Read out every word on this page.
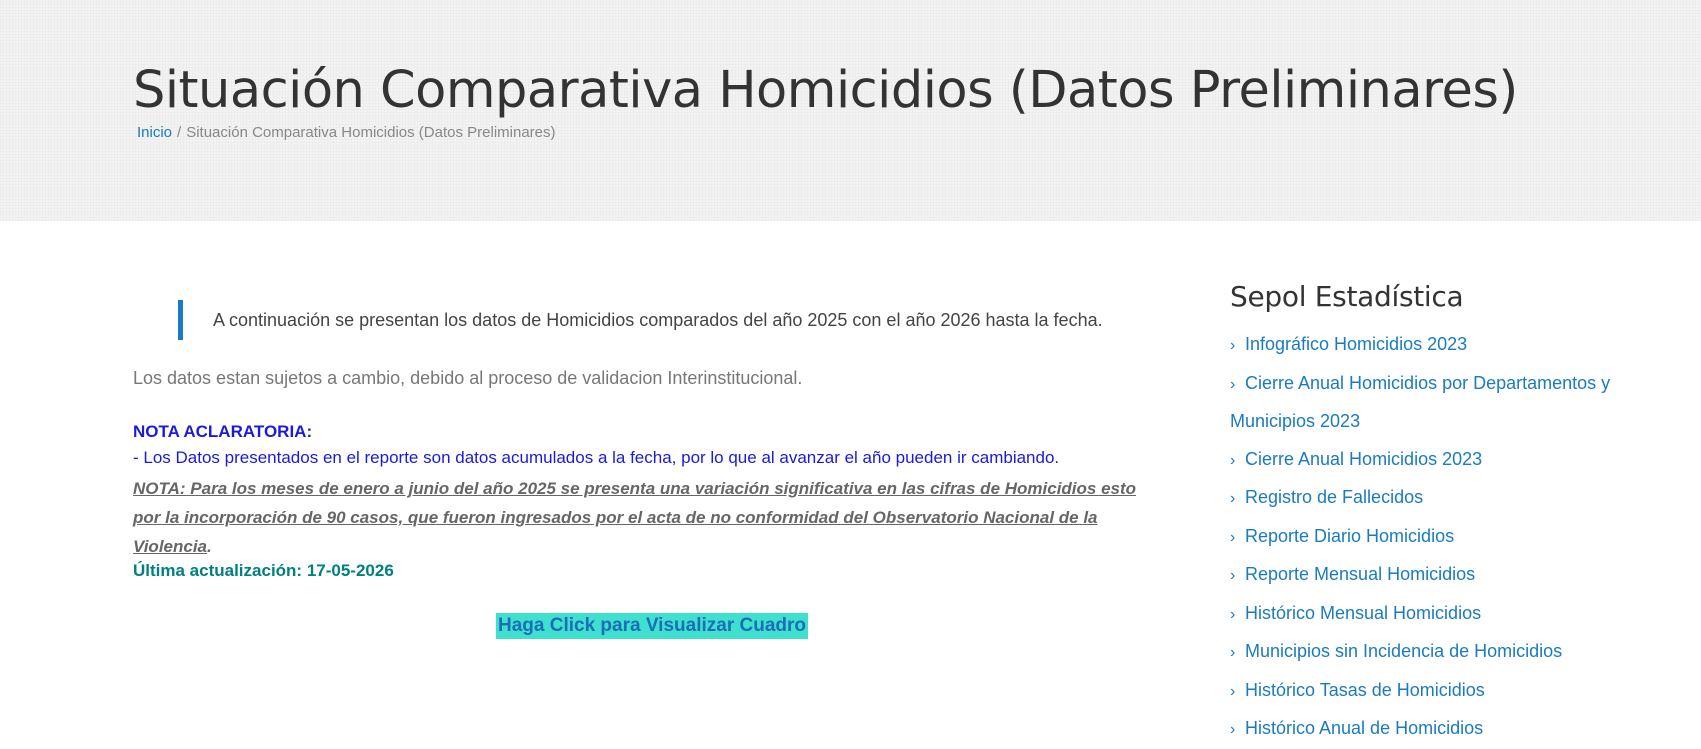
Situación Comparativa Homicidios (Datos Preliminares)
Inicio / Situación Comparativa Homicidios (Datos Preliminares)
A continuación se presentan los datos de Homicidios comparados del año 2025 con el año 2026 hasta la fecha.
Los datos estan sujetos a cambio, debido al proceso de validacion Interinstitucional.
NOTA ACLARATORIA:
- Los Datos presentados en el reporte son datos acumulados a la fecha, por lo que al avanzar el año pueden ir cambiando.
NOTA: Para los meses de enero a junio del año 2025 se presenta una variación significativa en las cifras de Homicidios esto por la incorporación de 90 casos, que fueron ingresados por el acta de no conformidad del Observatorio Nacional de la Violencia.
Última actualización: 17-05-2026
Haga Click para Visualizar Cuadro
Sepol Estadística
› Infográfico Homicidios 2023
› Cierre Anual Homicidios por Departamentos y Municipios 2023
› Cierre Anual Homicidios 2023
› Registro de Fallecidos
› Reporte Diario Homicidios
› Reporte Mensual Homicidios
› Histórico Mensual Homicidios
› Municipios sin Incidencia de Homicidios
› Histórico Tasas de Homicidios
› Histórico Anual de Homicidios
